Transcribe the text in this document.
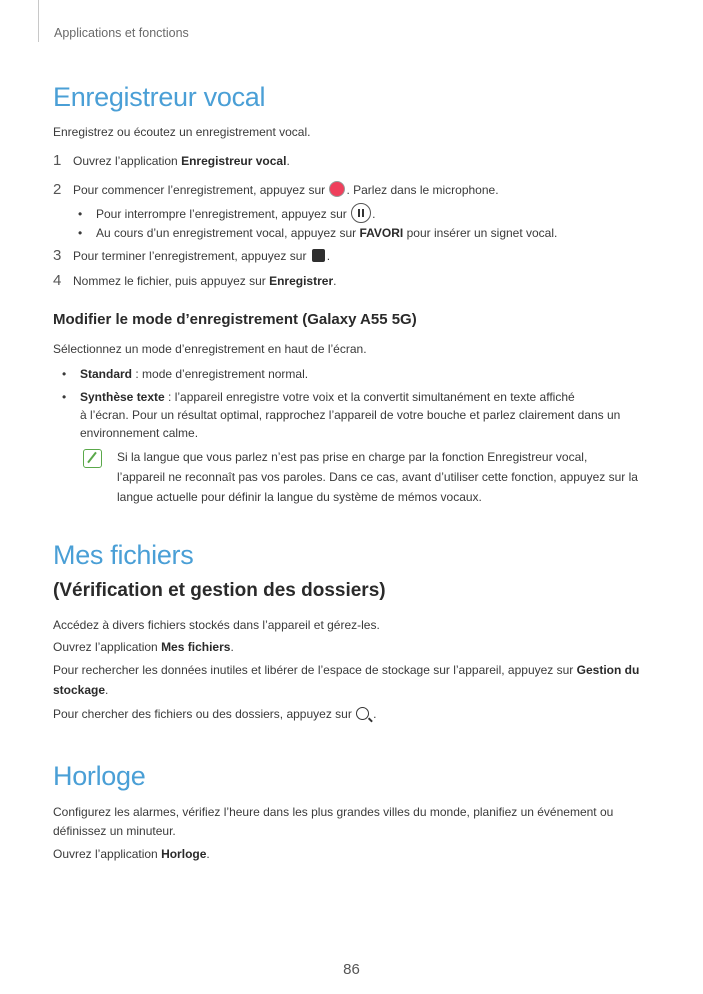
Applications et fonctions
Enregistreur vocal
Enregistrez ou écoutez un enregistrement vocal.
1 Ouvrez l’application Enregistreur vocal.
2 Pour commencer l’enregistrement, appuyez sur . Parlez dans le microphone.
• Pour interrompre l’enregistrement, appuyez sur .
• Au cours d’un enregistrement vocal, appuyez sur FAVORI pour insérer un signet vocal.
3 Pour terminer l’enregistrement, appuyez sur .
4 Nommez le fichier, puis appuyez sur Enregistrer.
Modifier le mode d’enregistrement (Galaxy A55 5G)
Sélectionnez un mode d’enregistrement en haut de l’écran.
• Standard : mode d’enregistrement normal.
• Synthèse texte : l’appareil enregistre votre voix et la convertit simultanément en texte affiché
à l’écran. Pour un résultat optimal, rapprochez l’appareil de votre bouche et parlez clairement dans un
environnement calme.
Si la langue que vous parlez n’est pas prise en charge par la fonction Enregistreur vocal,
l’appareil ne reconnaît pas vos paroles. Dans ce cas, avant d’utiliser cette fonction, appuyez sur la
langue actuelle pour définir la langue du système de mémos vocaux.
Mes fichiers
(Vérification et gestion des dossiers)
Accédez à divers fichiers stockés dans l’appareil et gérez-les.
Ouvrez l’application Mes fichiers.
Pour rechercher les données inutiles et libérer de l’espace de stockage sur l’appareil, appuyez sur Gestion du
stockage.
Pour chercher des fichiers ou des dossiers, appuyez sur .
Horloge
Configurez les alarmes, vérifiez l’heure dans les plus grandes villes du monde, planifiez un événement ou
définissez un minuteur.
Ouvrez l’application Horloge.
86
